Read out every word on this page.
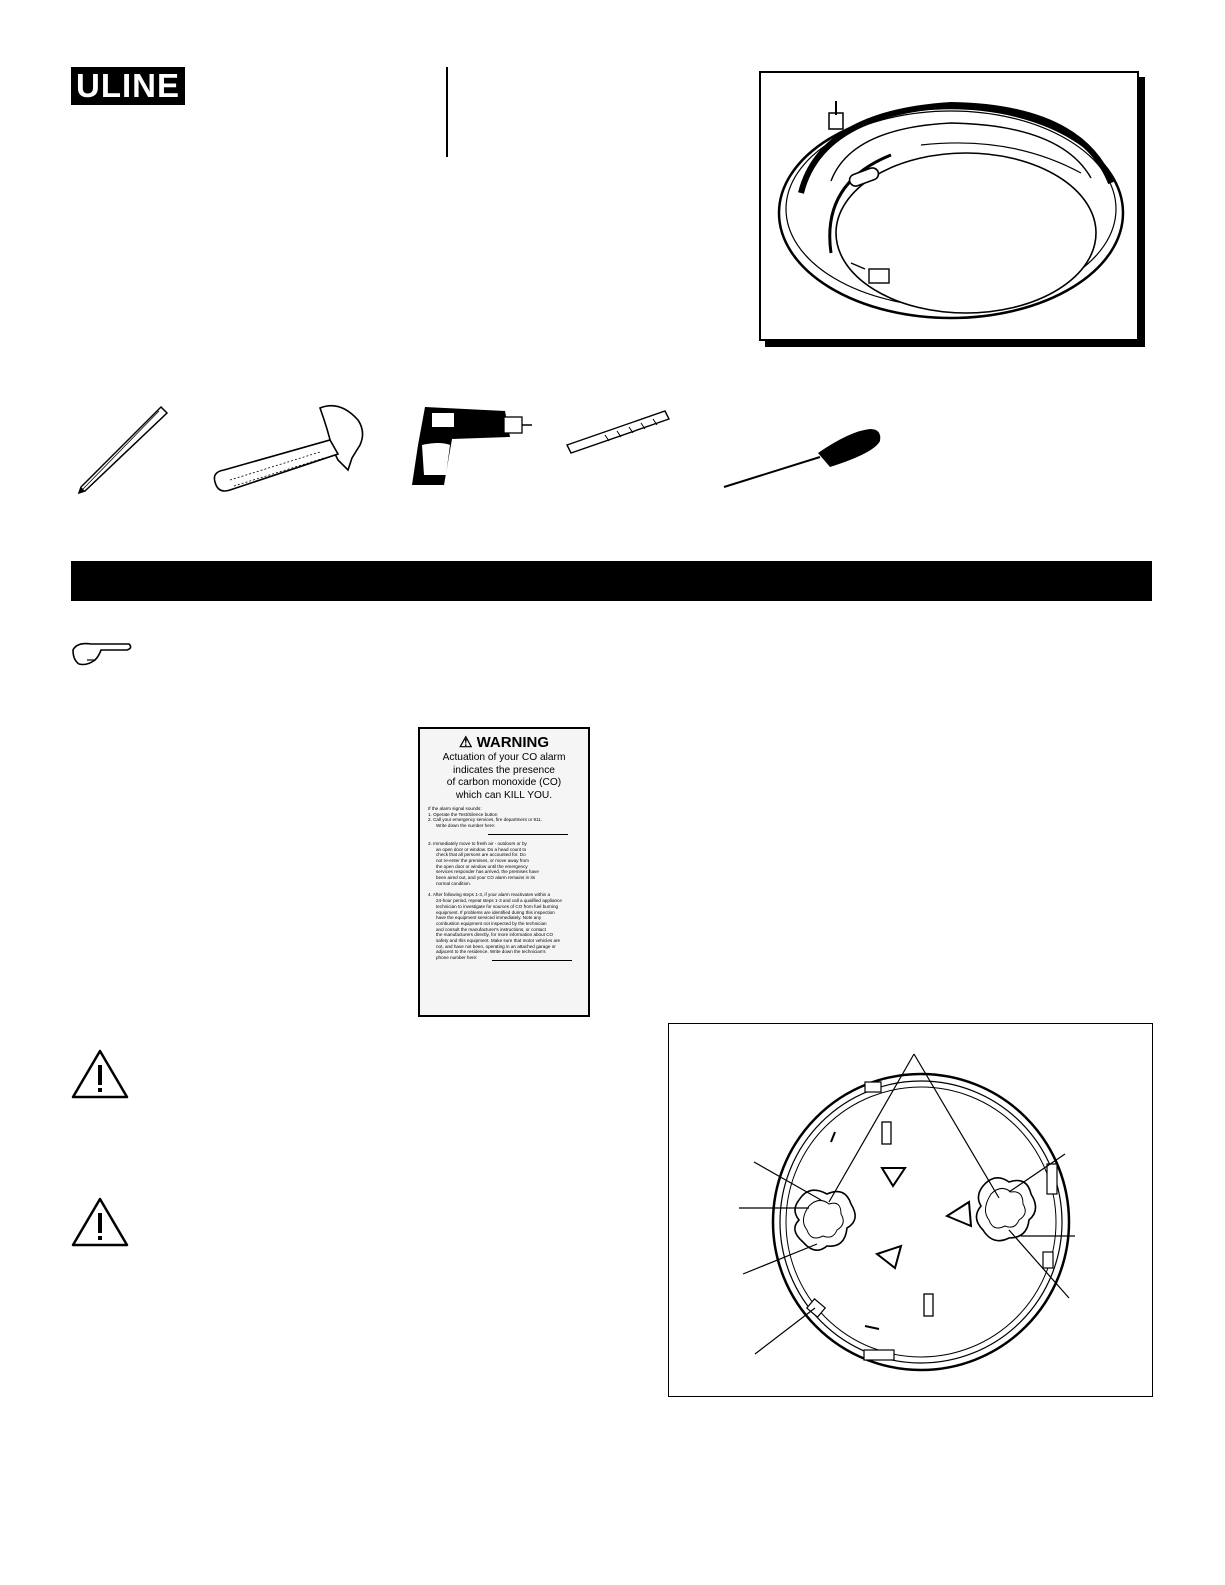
ULINE
⚠ WARNING
Actuation of your CO alarm
indicates the presence
of carbon monoxide (CO)
which can KILL YOU.
If the alarm signal sounds:
1. Operate the Test/Silence button
2. Call your emergency services, fire department or 911.
Write down the number here:
3. Immediately move to fresh air - outdoors or by
an open door or window. Do a head count to
check that all persons are accounted for. Do
not re-enter the premises, or move away from
the open door or window until the emergency
services responder has arrived, the premises have
been aired out, and your CO alarm remains in its
normal condition.
4. After following steps 1-3, if your alarm reactivates within a
24-hour period, repeat steps 1-3 and call a qualified appliance
technician to investigate for sources of CO from fuel burning
equipment. If problems are identified during this inspection
have the equipment serviced immediately. Note any
combustion equipment not inspected by the technician
and consult the manufacturer's instructions, or contact
the manufacturers directly, for more information about CO
safety and this equipment. Make sure that motor vehicles are
not, and have not been, operating in an attached garage or
adjacent to the residence. Write down the technician's
phone number here:
